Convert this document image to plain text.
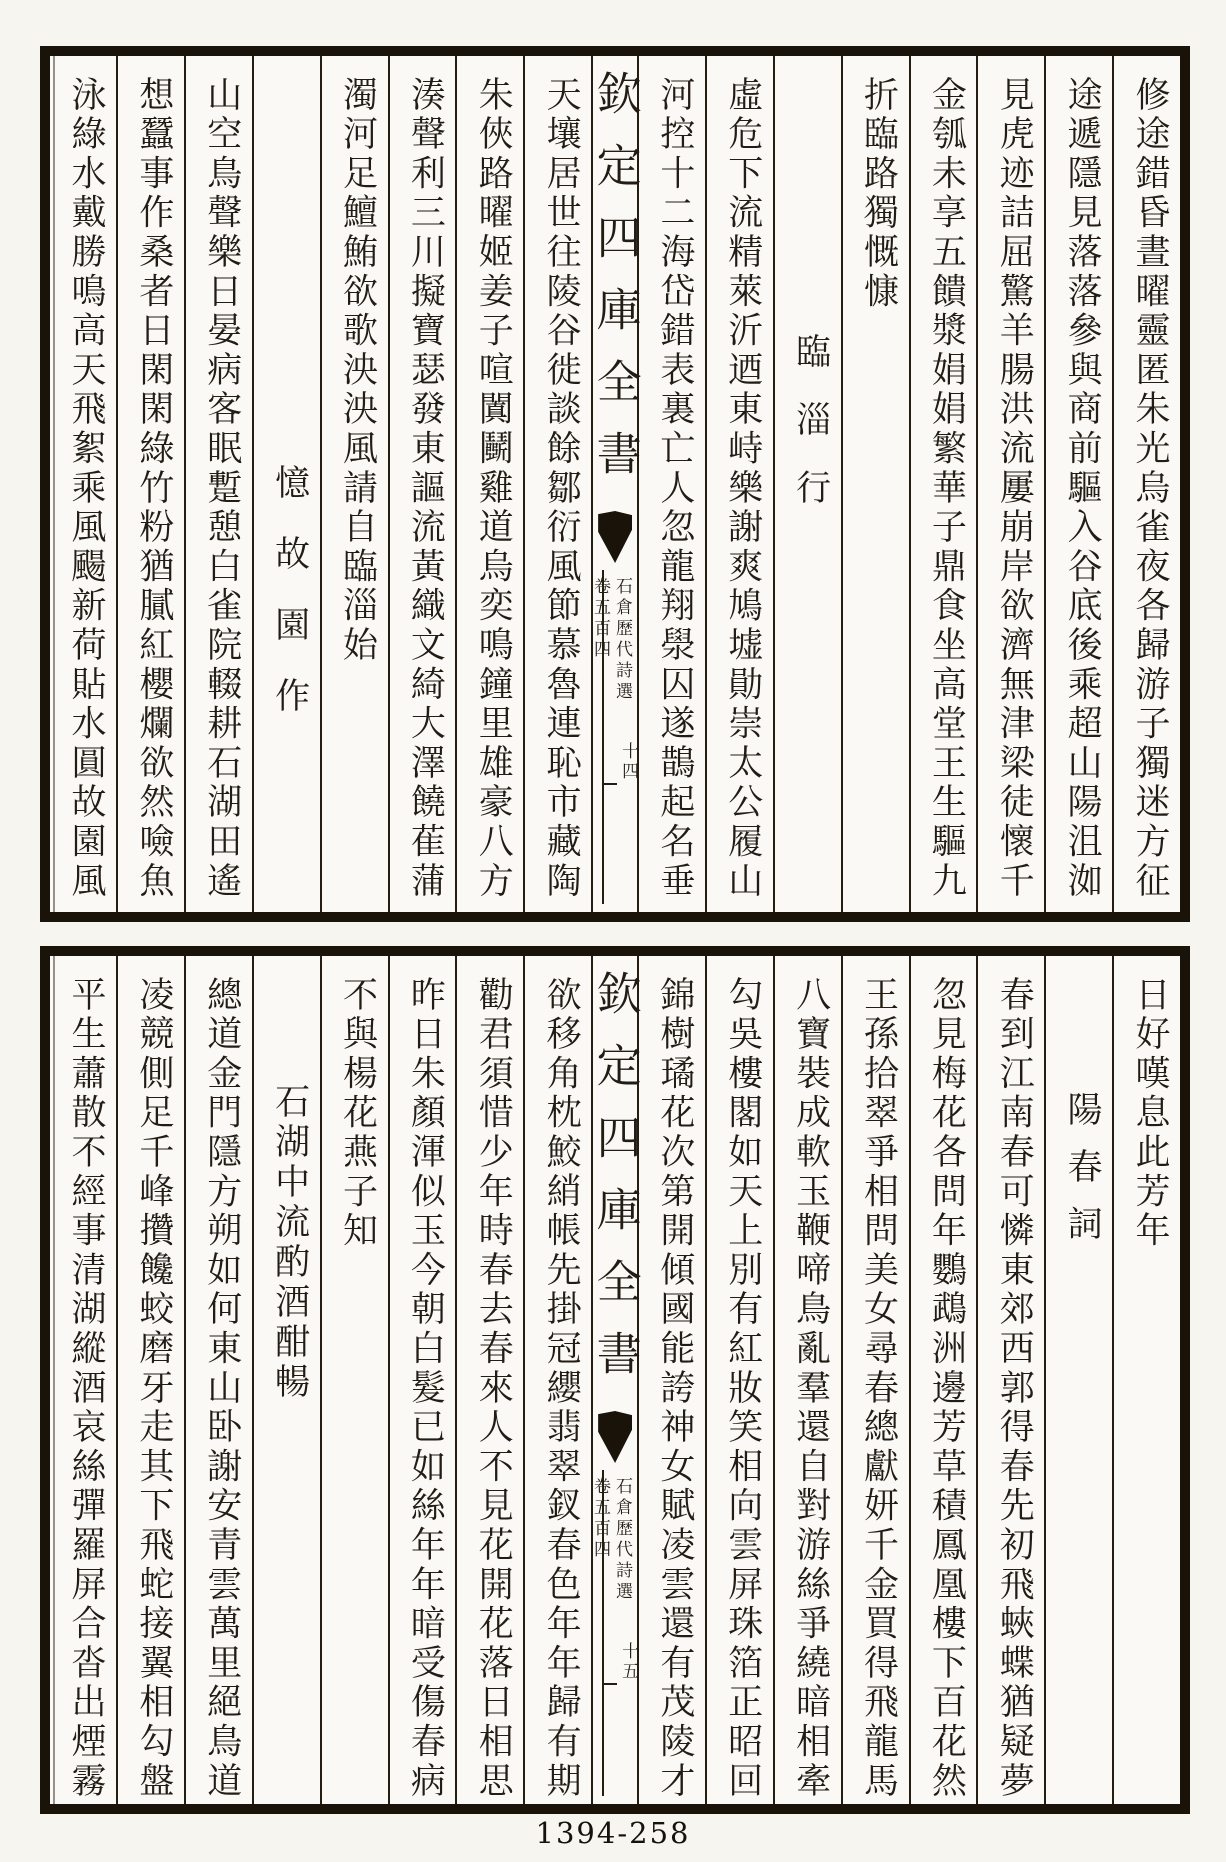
修途錯昏晝曜靈匿朱光烏雀夜各歸游子獨迷方征
途遞隱見落落參與商前驅入谷底後乘超山陽沮洳
見虎迹詰屈驚羊腸洪流屢崩岸欲濟無津梁徒懷千
金瓠未享五饋漿娟娟繁華子鼎食坐高堂王生驅九
折臨路獨慨慷
臨淄行
虛危下流精萊沂迺東峙樂謝爽鳩墟勛崇太公履山
河控十二海岱錯表裏亡人忽龍翔澩囚遂鵲起名垂
欽定四庫全書
石倉歷代詩選
卷五百四
十四
天壤居世往陵谷徙談餘鄒衍風節慕魯連恥市藏陶
朱俠路曜姬姜子喧闐鬭雞道烏奕鳴鐘里雄豪八方
湊聲利三川擬寶瑟發東謳流黃織文綺大澤饒萑蒲
濁河足鱣鮪欲歌泱泱風請自臨淄始
憶故園作
山空鳥聲樂日晏病客眠蹔憩白雀院輟耕石湖田遙
想蠶事作桑者日閑閑綠竹粉猶膩紅櫻爛欲然噞魚
泳綠水戴勝鳴高天飛絮乘風颺新荷貼水圓故園風
日好嘆息此芳年
陽春詞
春到江南春可憐東郊西郭得春先初飛蛺蝶猶疑夢
忽見梅花各問年鸚鵡洲邊芳草積鳳凰樓下百花然
王孫拾翠爭相問美女尋春總獻妍千金買得飛龍馬
八寶裝成軟玉鞭啼鳥亂羣還自對游絲爭繞暗相牽
勾吳樓閣如天上別有紅妝笑相向雲屏珠箔正昭回
錦樹璚花次第開傾國能誇神女賦凌雲還有茂陵才
欽定四庫全書
石倉歷代詩選
卷五百四
十五
欲移角枕鮫綃帳先掛冠纓翡翠釵春色年年歸有期
勸君須惜少年時春去春來人不見花開花落日相思
昨日朱顏渾似玉今朝白髮已如絲年年暗受傷春病
不與楊花燕子知
石湖中流酌酒酣暢
總道金門隱方朔如何東山卧謝安青雲萬里絕鳥道
凌競側足千峰攢饞蛟磨牙走其下飛蛇接翼相勾盤
平生蕭散不經事清湖縱酒哀絲彈羅屏合沓出煙霧
1394-258
